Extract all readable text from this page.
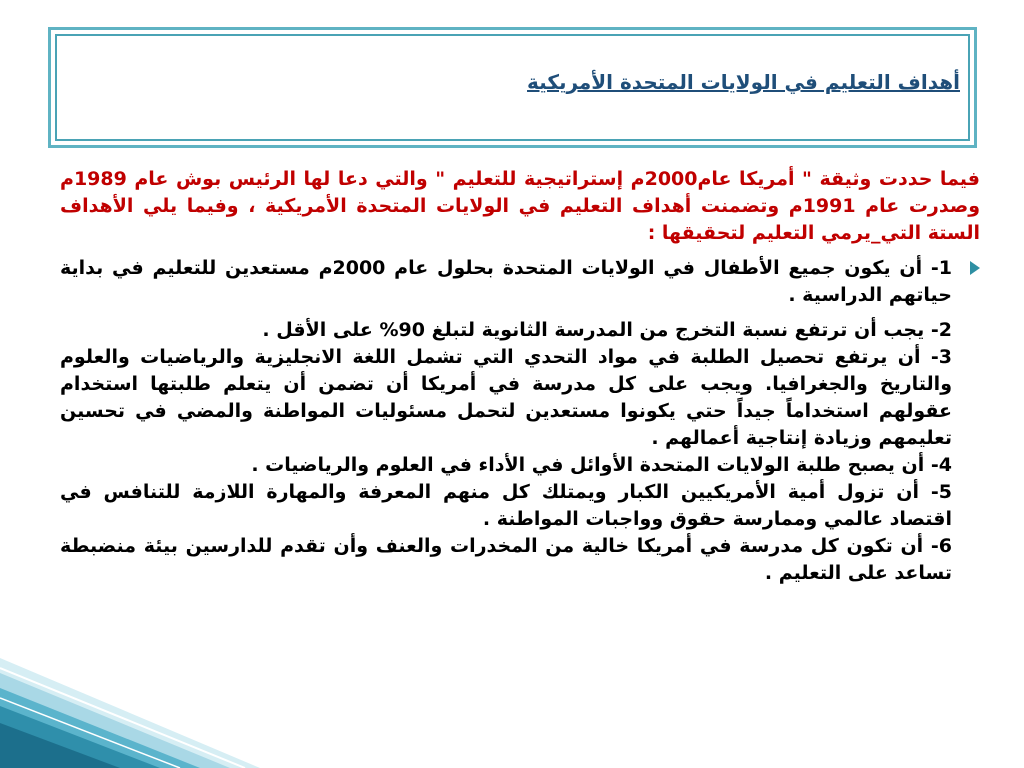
أهداف التعليم في الولايات المتحدة الأمريكية

فيما حددت وثيقة " أمريكا عام2000م إستراتيجية للتعليم " والتي دعا لها الرئيس بوش عام 1989م وصدرت عام 1991م وتضمنت أهداف التعليم في الولايات المتحدة الأمريكية ، وفيما يلي الأهداف الستة التي_يرمي التعليم لتحقيقها :

1- أن يكون جميع الأطفال في الولايات المتحدة بحلول عام 2000م مستعدين للتعليم في بداية حياتهم الدراسية .
2- يجب أن ترتفع نسبة التخرج من المدرسة الثانوية لتبلغ 90% على الأقل .
3- أن يرتفع تحصيل الطلبة في مواد التحدي التي تشمل اللغة الانجليزية والرياضيات والعلوم والتاريخ والجغرافيا. ويجب على كل مدرسة في أمريكا أن تضمن أن يتعلم طلبتها استخدام عقولهم استخداماً جيداً حتي يكونوا مستعدين لتحمل مسئوليات المواطنة والمضي في تحسين تعليمهم وزيادة إنتاجية أعمالهم .
4- أن يصبح طلبة الولايات المتحدة الأوائل في الأداء في العلوم والرياضيات .
5- أن تزول أمية الأمريكيين الكبار ويمتلك كل منهم المعرفة والمهارة اللازمة للتنافس في اقتصاد عالمي وممارسة حقوق وواجبات المواطنة .
6- أن تكون كل مدرسة في أمريكا خالية من المخدرات والعنف وأن تقدم للدارسين بيئة منضبطة تساعد على التعليم .
